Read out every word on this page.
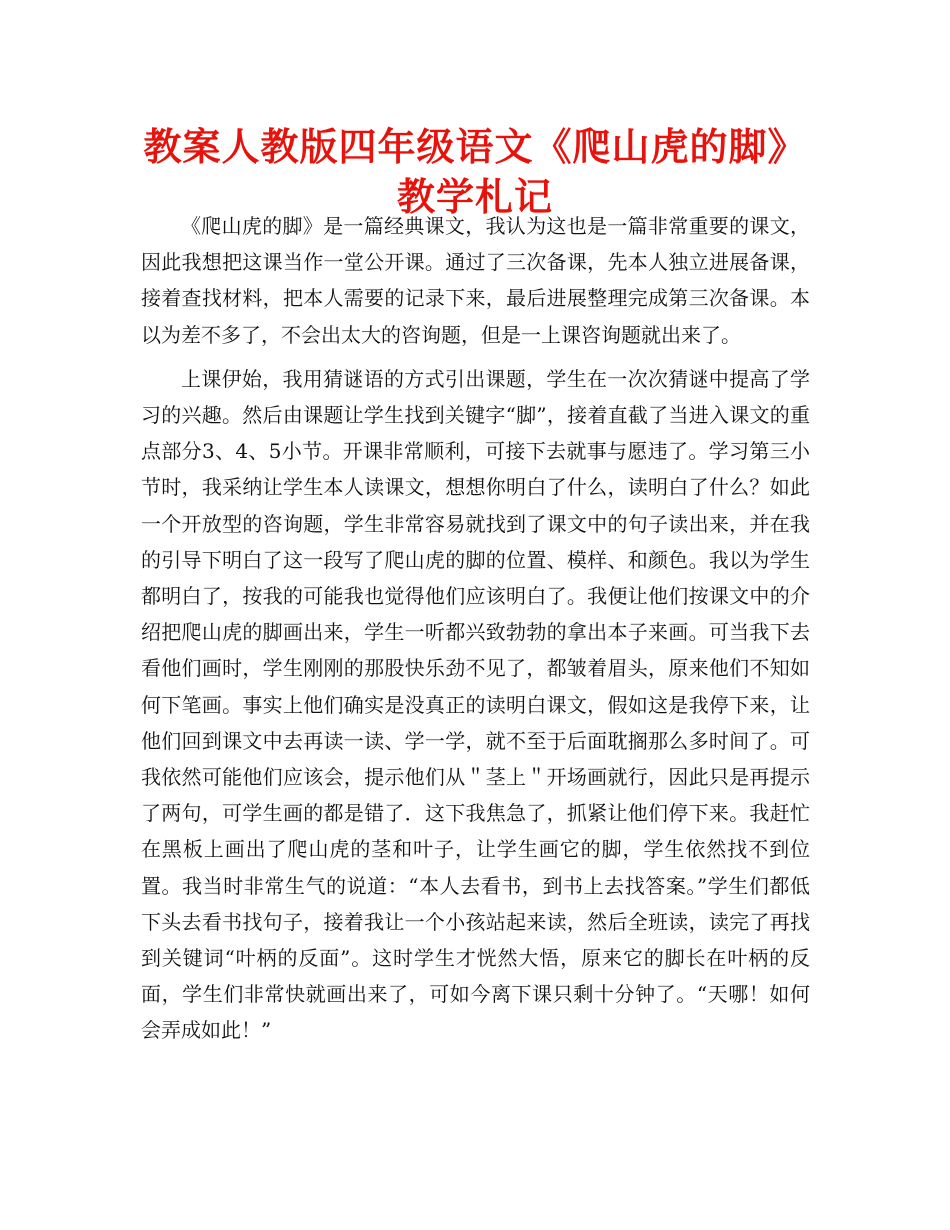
教案人教版四年级语文《爬山虎的脚》教学札记

《爬山虎的脚》是一篇经典课文，我认为这也是一篇非常重要的课文，因此我想把这课当作一堂公开课。通过了三次备课，先本人独立进展备课，接着查找材料，把本人需要的记录下来，最后进展整理完成第三次备课。本以为差不多了，不会出太大的咨询题，但是一上课咨询题就出来了。

上课伊始，我用猜谜语的方式引出课题，学生在一次次猜谜中提高了学习的兴趣。然后由课题让学生找到关键字“脚”，接着直截了当进入课文的重点部分3、4、5小节。开课非常顺利，可接下去就事与愿违了。学习第三小节时，我采纳让学生本人读课文，想想你明白了什么，读明白了什么？如此一个开放型的咨询题，学生非常容易就找到了课文中的句子读出来，并在我的引导下明白了这一段写了爬山虎的脚的位置、模样、和颜色。我以为学生都明白了，按我的可能我也觉得他们应该明白了。我便让他们按课文中的介绍把爬山虎的脚画出来，学生一听都兴致勃勃的拿出本子来画。可当我下去看他们画时，学生刚刚的那股快乐劲不见了，都皱着眉头，原来他们不知如何下笔画。事实上他们确实是没真正的读明白课文，假如这是我停下来，让他们回到课文中去再读一读、学一学，就不至于后面耽搁那么多时间了。可我依然可能他们应该会，提示他们从＂茎上＂开场画就行，因此只是再提示了两句，可学生画的都是错了．这下我焦急了，抓紧让他们停下来。我赶忙在黑板上画出了爬山虎的茎和叶子，让学生画它的脚，学生依然找不到位置。我当时非常生气的说道：“本人去看书，到书上去找答案。”学生们都低下头去看书找句子，接着我让一个小孩站起来读，然后全班读，读完了再找到关键词“叶柄的反面”。这时学生才恍然大悟，原来它的脚长在叶柄的反面，学生们非常快就画出来了，可如今离下课只剩十分钟了。“天哪！如何会弄成如此！”
